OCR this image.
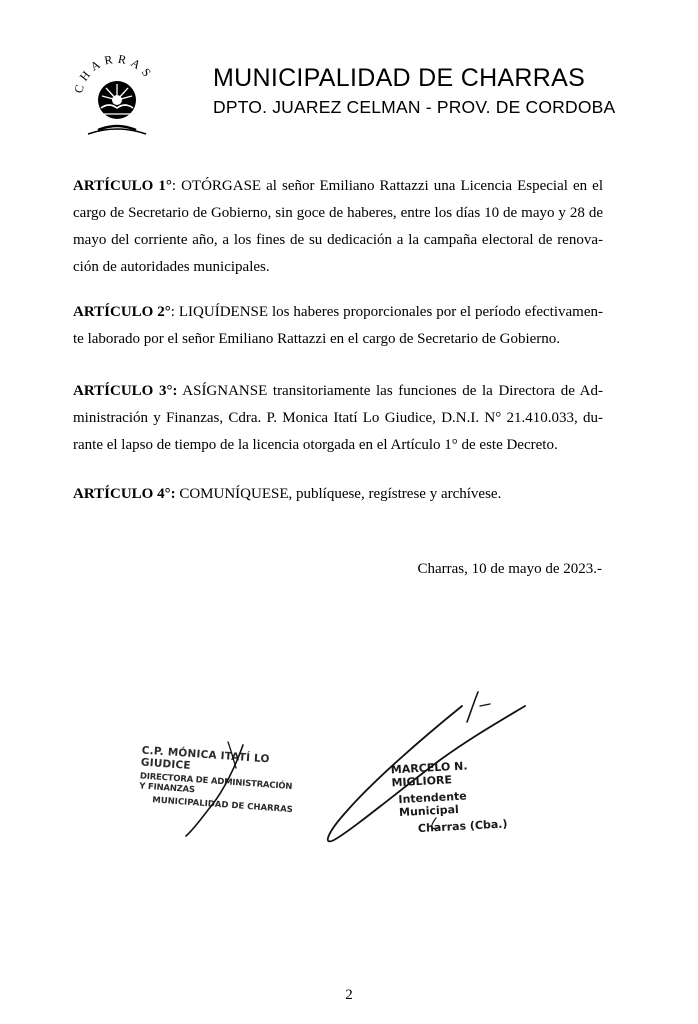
CHARRAS MUNICIPALIDAD DE CHARRAS
DPTO. JUAREZ CELMAN - PROV. DE CORDOBA
ARTÍCULO 1°: OTÓRGASE al señor Emiliano Rattazzi una Licencia Especial en el
cargo de Secretario de Gobierno, sin goce de haberes, entre los días 10 de mayo y 28 de
mayo del corriente año, a los fines de su dedicación a la campaña electoral de renova-
ción de autoridades municipales.
ARTÍCULO 2°: LIQUÍDENSE los haberes proporcionales por el período efectivamen-
te laborado por el señor Emiliano Rattazzi en el cargo de Secretario de Gobierno.
ARTÍCULO 3°: ASÍGNANSE transitoriamente las funciones de la Directora de Ad-
ministración y Finanzas, Cdra. P. Monica Itatí Lo Giudice, D.N.I. N° 21.410.033, du-
rante el lapso de tiempo de la licencia otorgada en el Artículo 1° de este Decreto.
ARTÍCULO 4°: COMUNÍQUESE, publíquese, regístrese y archívese.
Charras, 10 de mayo de 2023.-
C.P. MÓNICA ITATÍ LO GIUDICE
DIRECTORA DE ADMINISTRACIÓN Y FINANZAS
MUNICIPALIDAD DE CHARRAS
MARCELO N. MIGLIORE
Intendente Municipal
Charras (Cba.)
2
